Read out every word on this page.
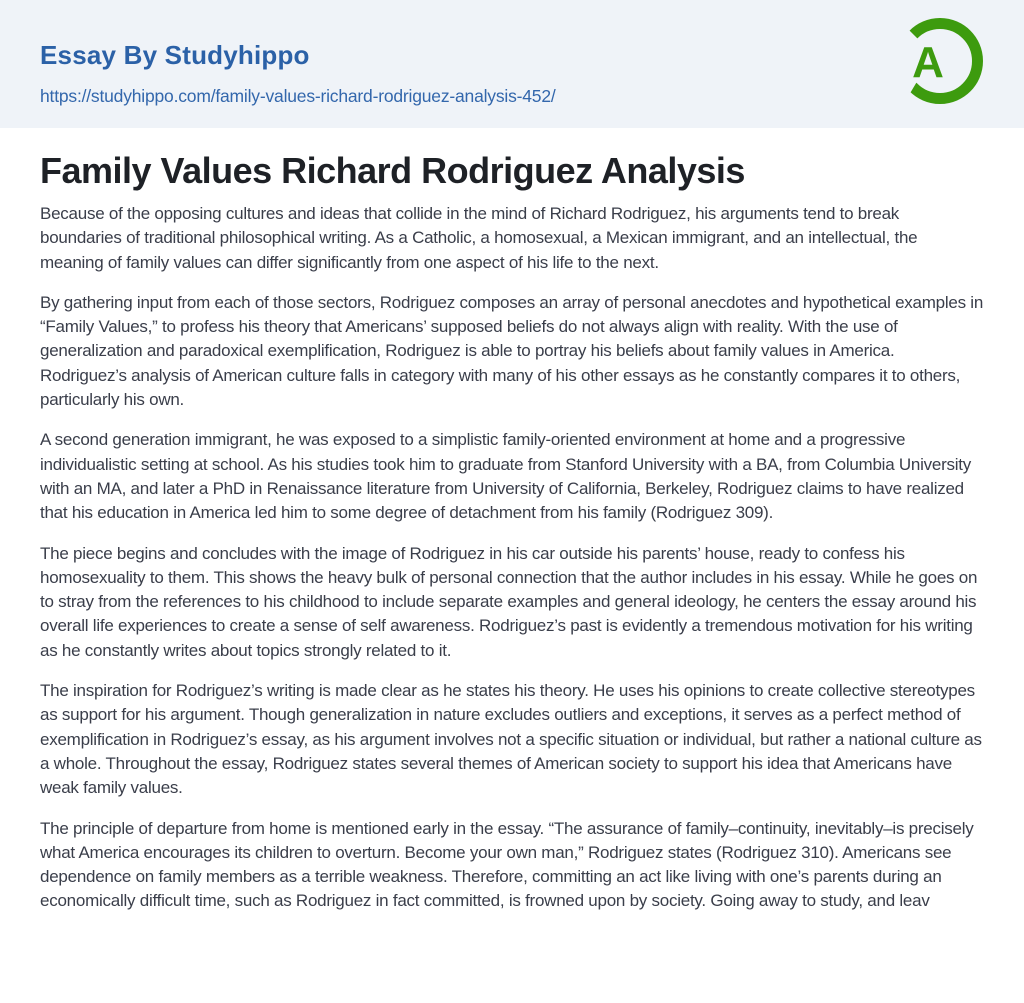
Essay By Studyhippo
https://studyhippo.com/family-values-richard-rodriguez-analysis-452/
A
Family Values Richard Rodriguez Analysis

Because of the opposing cultures and ideas that collide in the mind of Richard Rodriguez, his arguments tend to break boundaries of traditional philosophical writing. As a Catholic, a homosexual, a Mexican immigrant, and an intellectual, the meaning of family values can differ significantly from one aspect of his life to the next.

By gathering input from each of those sectors, Rodriguez composes an array of personal anecdotes and hypothetical examples in “Family Values,” to profess his theory that Americans’ supposed beliefs do not always align with reality. With the use of generalization and paradoxical exemplification, Rodriguez is able to portray his beliefs about family values in America. Rodriguez’s analysis of American culture falls in category with many of his other essays as he constantly compares it to others, particularly his own.

A second generation immigrant, he was exposed to a simplistic family-oriented environment at home and a progressive individualistic setting at school. As his studies took him to graduate from Stanford University with a BA, from Columbia University with an MA, and later a PhD in Renaissance literature from University of California, Berkeley, Rodriguez claims to have realized that his education in America led him to some degree of detachment from his family (Rodriguez 309).

The piece begins and concludes with the image of Rodriguez in his car outside his parents’ house, ready to confess his homosexuality to them. This shows the heavy bulk of personal connection that the author includes in his essay. While he goes on to stray from the references to his childhood to include separate examples and general ideology, he centers the essay around his overall life experiences to create a sense of self awareness. Rodriguez’s past is evidently a tremendous motivation for his writing as he constantly writes about topics strongly related to it.

The inspiration for Rodriguez’s writing is made clear as he states his theory. He uses his opinions to create collective stereotypes as support for his argument. Though generalization in nature excludes outliers and exceptions, it serves as a perfect method of exemplification in Rodriguez’s essay, as his argument involves not a specific situation or individual, but rather a national culture as a whole. Throughout the essay, Rodriguez states several themes of American society to support his idea that Americans have weak family values.

The principle of departure from home is mentioned early in the essay. “The assurance of family–continuity, inevitably–is precisely what America encourages its children to overturn. Become your own man,” Rodriguez states (Rodriguez 310). Americans see dependence on family members as a terrible weakness. Therefore, committing an act like living with one’s parents during an economically difficult time, such as Rodriguez in fact committed, is frowned upon by society. Going away to study, and leav
